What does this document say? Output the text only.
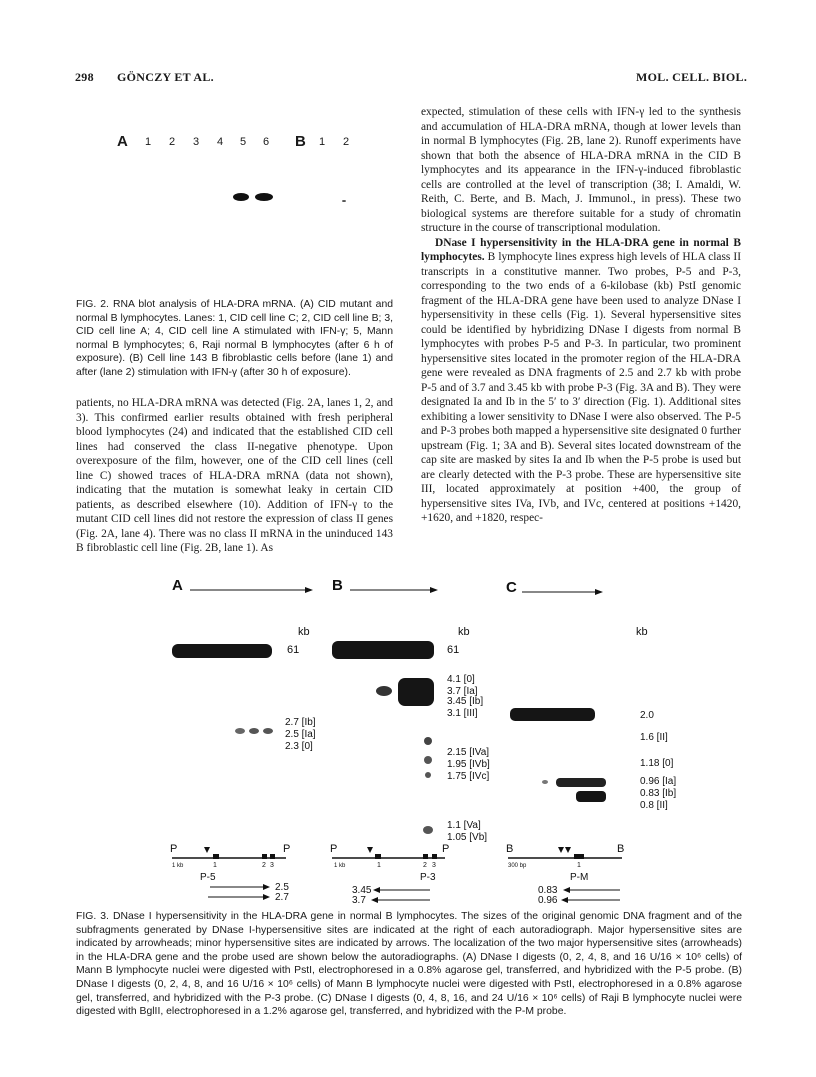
298 GÖNCZY ET AL.	MOL. CELL. BIOL.
A 1 2 3 4 5 6 B 1 2
FIG. 2. RNA blot analysis of HLA-DRA mRNA. (A) CID mutant and normal B lymphocytes. Lanes: 1, CID cell line C; 2, CID cell line B; 3, CID cell line A; 4, CID cell line A stimulated with IFN-γ; 5, Mann normal B lymphocytes; 6, Raji normal B lymphocytes (after 6 h of exposure). (B) Cell line 143 B fibroblastic cells before (lane 1) and after (lane 2) stimulation with IFN-γ (after 30 h of exposure).
patients, no HLA-DRA mRNA was detected (Fig. 2A, lanes 1, 2, and 3). This confirmed earlier results obtained with fresh peripheral blood lymphocytes (24) and indicated that the established CID cell lines had conserved the class II-negative phenotype. Upon overexposure of the film, however, one of the CID cell lines (cell line C) showed traces of HLA-DRA mRNA (data not shown), indicating that the mutation is somewhat leaky in certain CID patients, as described elsewhere (10). Addition of IFN-γ to the mutant CID cell lines did not restore the expression of class II genes (Fig. 2A, lane 4). There was no class II mRNA in the uninduced 143 B fibroblastic cell line (Fig. 2B, lane 1). As
expected, stimulation of these cells with IFN-γ led to the synthesis and accumulation of HLA-DRA mRNA, though at lower levels than in normal B lymphocytes (Fig. 2B, lane 2). Runoff experiments have shown that both the absence of HLA-DRA mRNA in the CID B lymphocytes and its appearance in the IFN-γ-induced fibroblastic cells are controlled at the level of transcription (38; I. Amaldi, W. Reith, C. Berte, and B. Mach, J. Immunol., in press). These two biological systems are therefore suitable for a study of chromatin structure in the course of transcriptional modulation.
DNase I hypersensitivity in the HLA-DRA gene in normal B lymphocytes. B lymphocyte lines express high levels of HLA class II transcripts in a constitutive manner. Two probes, P-5 and P-3, corresponding to the two ends of a 6-kilobase (kb) PstI genomic fragment of the HLA-DRA gene have been used to analyze DNase I hypersensitivity in these cells (Fig. 1). Several hypersensitive sites could be identified by hybridizing DNase I digests from normal B lymphocytes with probes P-5 and P-3. In particular, two prominent hypersensitive sites located in the promoter region of the HLA-DRA gene were revealed as DNA fragments of 2.5 and 2.7 kb with probe P-5 and of 3.7 and 3.45 kb with probe P-3 (Fig. 3A and B). They were designated Ia and Ib in the 5′ to 3′ direction (Fig. 1). Additional sites exhibiting a lower sensitivity to DNase I were also observed. The P-5 and P-3 probes both mapped a hypersensitive site designated 0 further upstream (Fig. 1; 3A and B). Several sites located downstream of the cap site are masked by sites Ia and Ib when the P-5 probe is used but are clearly detected with the P-3 probe. These are hypersensitive site III, located approximately at position +400, the group of hypersensitive sites IVa, IVb, and IVc, centered at positions +1420, +1620, and +1820, respec-
A
kb
61
2.7 [Ib]
2.5 [Ia]
2.3 [0]
P	P
1	2 3
1 kb
P-5
2.5
2.7
B
kb
61
4.1 [0]
3.7 [Ia]
3.45 [Ib]
3.1 [III]
2.15 [IVa]
1.95 [IVb]
1.75 [IVc]
1.1 [Va]
1.05 [Vb]
P	P
1	2 3
1 kb
P-3
3.45
3.7
C
kb
2.0
1.6 [II]
1.18 [0]
0.96 [Ia]
0.83 [Ib]
0.8 [II]
B	B
1
300 bp
P-M
0.83
0.96
FIG. 3. DNase I hypersensitivity in the HLA-DRA gene in normal B lymphocytes. The sizes of the original genomic DNA fragment and of the subfragments generated by DNase I-hypersensitive sites are indicated at the right of each autoradiograph. Major hypersensitive sites are indicated by arrowheads; minor hypersensitive sites are indicated by arrows. The localization of the two major hypersensitive sites (arrowheads) in the HLA-DRA gene and the probe used are shown below the autoradiographs. (A) DNase I digests (0, 2, 4, 8, and 16 U/16 × 10⁶ cells) of Mann B lymphocyte nuclei were digested with PstI, electrophoresed in a 0.8% agarose gel, transferred, and hybridized with the P-5 probe. (B) DNase I digests (0, 2, 4, 8, and 16 U/16 × 10⁶ cells) of Mann B lymphocyte nuclei were digested with PstI, electrophoresed in a 0.8% agarose gel, transferred, and hybridized with the P-3 probe. (C) DNase I digests (0, 4, 8, 16, and 24 U/16 × 10⁶ cells) of Raji B lymphocyte nuclei were digested with BglII, electrophoresed in a 1.2% agarose gel, transferred, and hybridized with the P-M probe.
